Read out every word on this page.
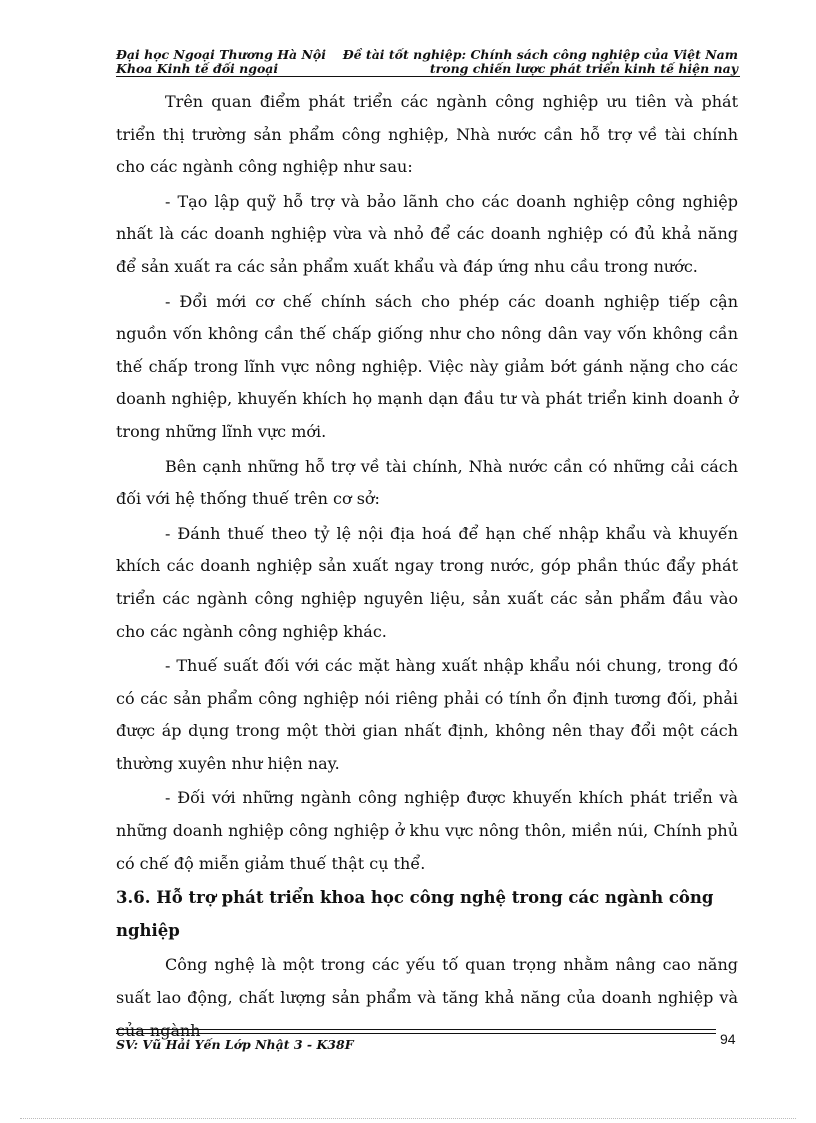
Đại học Ngoại Thương Hà Nội
Khoa Kinh tế đối ngoại
Đề tài tốt nghiệp: Chính sách công nghiệp của Việt Nam
trong chiến lược phát triển kinh tế hiện nay

Trên quan điểm phát triển các ngành công nghiệp ưu tiên và phát triển thị trường sản phẩm công nghiệp, Nhà nước cần hỗ trợ về tài chính cho các ngành công nghiệp như sau:

- Tạo lập quỹ hỗ trợ và bảo lãnh cho các doanh nghiệp công nghiệp nhất là các doanh nghiệp vừa và nhỏ để các doanh nghiệp có đủ khả năng để sản xuất ra các sản phẩm xuất khẩu và đáp ứng nhu cầu trong nước.

- Đổi mới cơ chế chính sách cho phép các doanh nghiệp tiếp cận nguồn vốn không cần thế chấp giống như cho nông dân vay vốn không cần thế chấp trong lĩnh vực nông nghiệp. Việc này giảm bớt gánh nặng cho các doanh nghiệp, khuyến khích họ mạnh dạn đầu tư và phát triển kinh doanh ở trong những lĩnh vực mới.

Bên cạnh những hỗ trợ về tài chính, Nhà nước cần có những cải cách đối với hệ thống thuế trên cơ sở:

- Đánh thuế theo tỷ lệ nội địa hoá để hạn chế nhập khẩu và khuyến khích các doanh nghiệp sản xuất ngay trong nước, góp phần thúc đẩy phát triển các ngành công nghiệp nguyên liệu, sản xuất các sản phẩm đầu vào cho các ngành công nghiệp khác.

- Thuế suất đối với các mặt hàng xuất nhập khẩu nói chung, trong đó có các sản phẩm công nghiệp nói riêng phải có tính ổn định tương đối, phải được áp dụng trong một thời gian nhất định, không nên thay đổi một cách thường xuyên như hiện nay.

- Đối với những ngành công nghiệp được khuyến khích phát triển và những doanh nghiệp công nghiệp ở khu vực nông thôn, miền núi, Chính phủ có chế độ miễn giảm thuế thật cụ thể.

3.6. Hỗ trợ phát triển khoa học công nghệ trong các ngành công nghiệp

Công nghệ là một trong các yếu tố quan trọng nhằm nâng cao năng suất lao động, chất lượng sản phẩm và tăng khả năng của doanh nghiệp và của ngành

SV: Vũ Hải Yến Lớp Nhật 3 - K38F	94
